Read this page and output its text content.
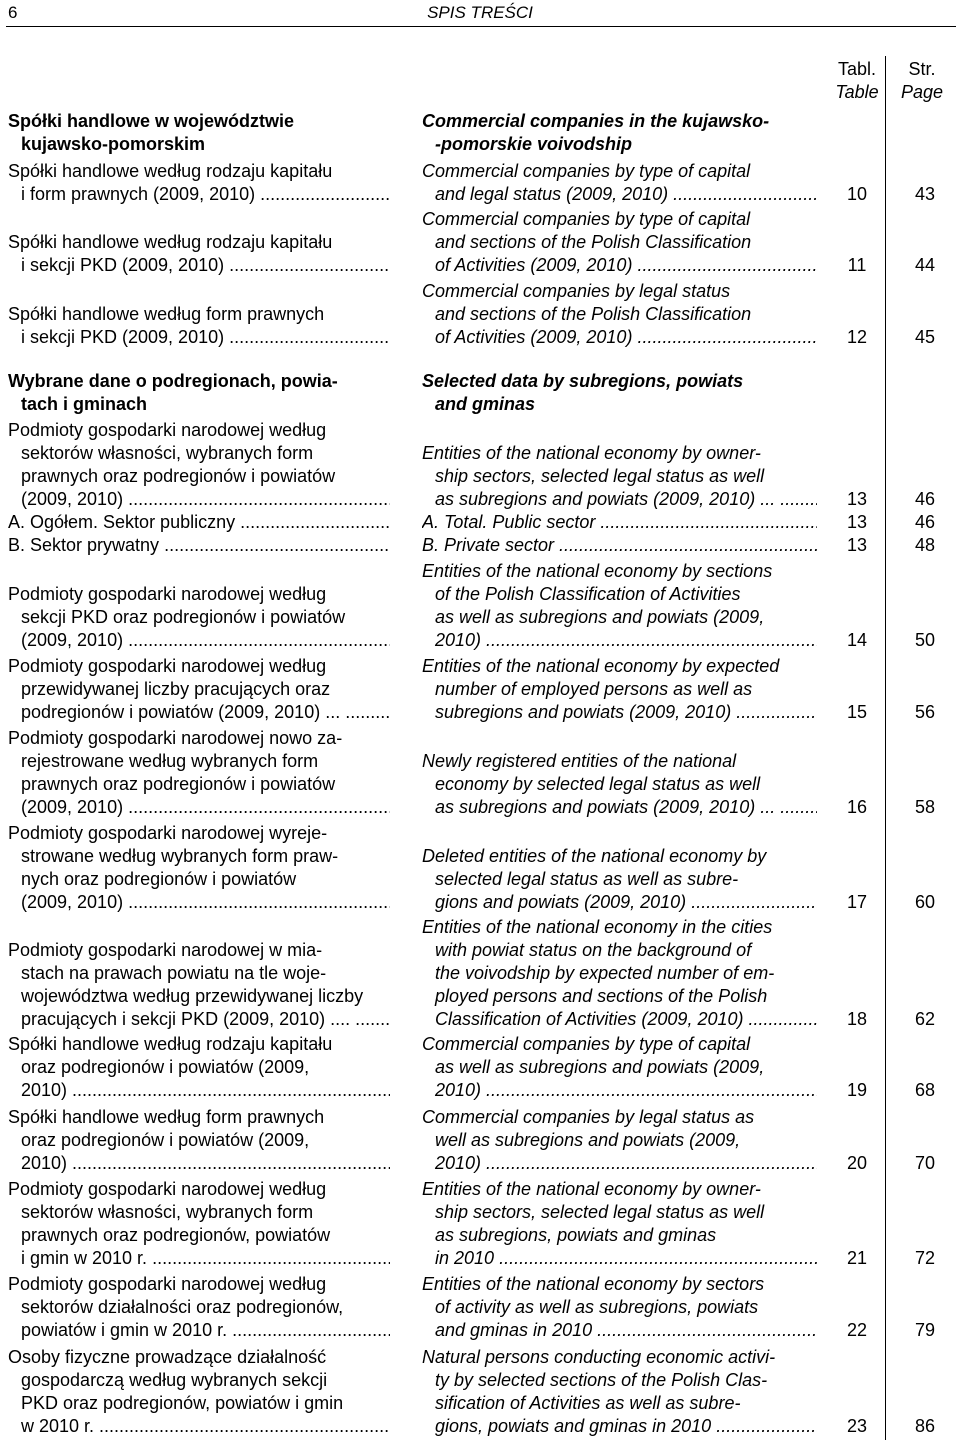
6	SPIS TREŚCI
Tabl.
Table
Str.
Page
Spółki handlowe w województwie
kujawsko-pomorskim
Commercial companies in the kujawsko-
-pomorskie voivodship
Spółki handlowe według rodzaju kapitału
i form prawnych (2009, 2010) .....
Commercial companies by type of capital
and legal status (2009, 2010) .....	10	43
Spółki handlowe według rodzaju kapitału
i sekcji PKD (2009, 2010) .....
Commercial companies by type of capital
and sections of the Polish Classification
of Activities (2009, 2010) .....	11	44
Spółki handlowe według form prawnych
i sekcji PKD (2009, 2010) .....
Commercial companies by legal status
and sections of the Polish Classification
of Activities (2009, 2010) .....	12	45
Wybrane dane o podregionach, powia-
tach i gminach
Selected data by subregions, powiats
and gminas
Podmioty gospodarki narodowej według
sektorów własności, wybranych form
prawnych oraz podregionów i powiatów
(2009, 2010) .....
Entities of the national economy by owner-
ship sectors, selected legal status as well
as subregions and powiats (2009, 2010) ... .....	13	46
A. Ogółem. Sektor publiczny .....	A. Total. Public sector .....	13	46
B. Sektor prywatny .....	B. Private sector .....	13	48
Podmioty gospodarki narodowej według
sekcji PKD oraz podregionów i powiatów
(2009, 2010) .....
Entities of the national economy by sections
of the Polish Classification of Activities
as well as subregions and powiats (2009,
2010) .....	14	50
Podmioty gospodarki narodowej według
przewidywanej liczby pracujących oraz
podregionów i powiatów (2009, 2010) ... .....
Entities of the national economy by expected
number of employed persons as well as
subregions and powiats (2009, 2010) .....	15	56
Podmioty gospodarki narodowej nowo za-
rejestrowane według wybranych form
prawnych oraz podregionów i powiatów
(2009, 2010) .....
Newly registered entities of the national
economy by selected legal status as well
as subregions and powiats (2009, 2010) ... .....	16	58
Podmioty gospodarki narodowej wyreje-
strowane według wybranych form praw-
nych oraz podregionów i powiatów
(2009, 2010) .....
Deleted entities of the national economy by
selected legal status as well as subre-
gions and powiats (2009, 2010) .....	17	60
Podmioty gospodarki narodowej w mia-
stach na prawach powiatu na tle woje-
województwa według przewidywanej liczby
pracujących i sekcji PKD (2009, 2010) .... .....
Entities of the national economy in the cities
with powiat status on the background of
the voivodship by expected number of em-
ployed persons and sections of the Polish
Classification of Activities (2009, 2010) .....	18	62
Spółki handlowe według rodzaju kapitału
oraz podregionów i powiatów (2009,
2010) .....
Commercial companies by type of capital
as well as subregions and powiats (2009,
2010) .....	19	68
Spółki handlowe według form prawnych
oraz podregionów i powiatów (2009,
2010) .....
Commercial companies by legal status as
well as subregions and powiats (2009,
2010) .....	20	70
Podmioty gospodarki narodowej według
sektorów własności, wybranych form
prawnych oraz podregionów, powiatów
i gmin w 2010 r. .....
Entities of the national economy by owner-
ship sectors, selected legal status as well
as subregions, powiats and gminas
in 2010 .....	21	72
Podmioty gospodarki narodowej według
sektorów działalności oraz podregionów,
powiatów i gmin w 2010 r. .....
Entities of the national economy by sectors
of activity as well as subregions, powiats
and gminas in 2010 .....	22	79
Osoby fizyczne prowadzące działalność
gospodarczą według wybranych sekcji
PKD oraz podregionów, powiatów i gmin
w 2010 r. .....
Natural persons conducting economic activi-
ty by selected sections of the Polish Clas-
sification of Activities as well as subre-
gions, powiats and gminas in 2010 .....	23	86
